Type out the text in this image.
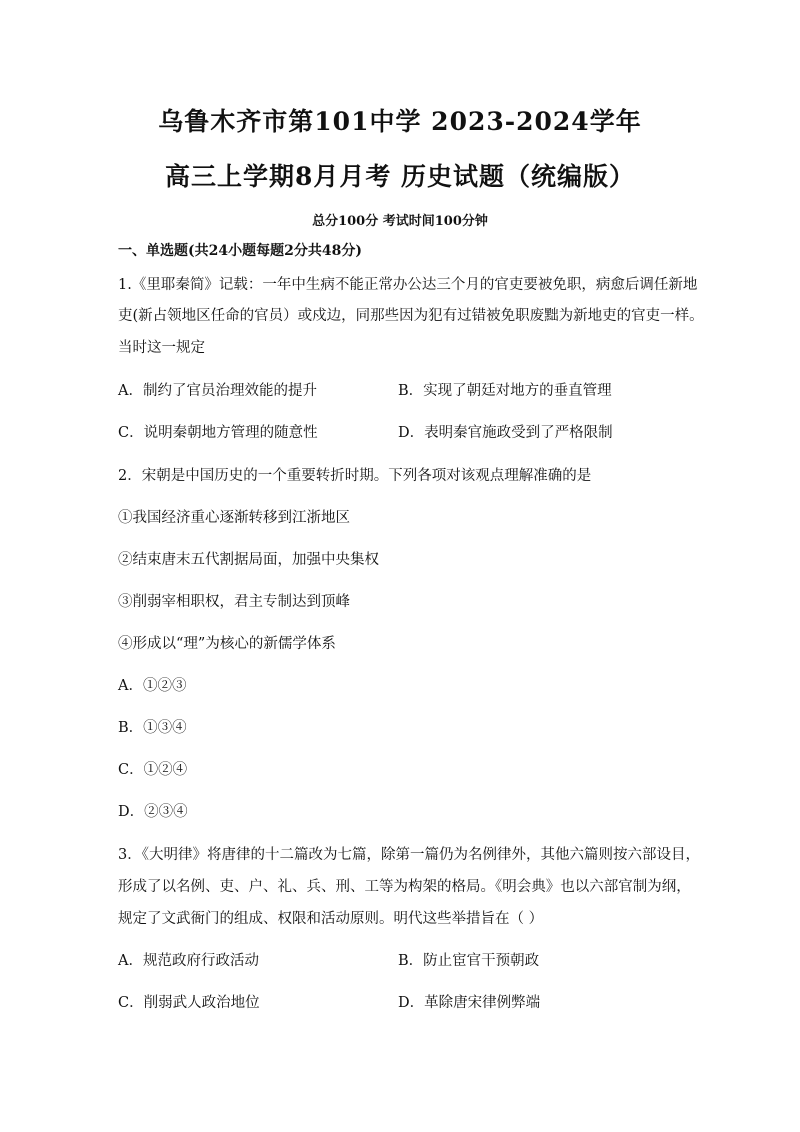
乌鲁木齐市第101中学 2023-2024学年
高三上学期8月月考 历史试题（统编版）
总分100分 考试时间100分钟
一、单选题(共24小题每题2分共48分)
1.《里耶秦简》记载：一年中生病不能正常办公达三个月的官吏要被免职，病愈后调任新地
吏(新占领地区任命的官员）或戍边，同那些因为犯有过错被免职废黜为新地吏的官吏一样。
当时这一规定
A．制约了官员治理效能的提升	B．实现了朝廷对地方的垂直管理
C．说明秦朝地方管理的随意性	D．表明秦官施政受到了严格限制
2．宋朝是中国历史的一个重要转折时期。下列各项对该观点理解准确的是
①我国经济重心逐渐转移到江浙地区
②结束唐末五代割据局面，加强中央集权
③削弱宰相职权，君主专制达到顶峰
④形成以“理”为核心的新儒学体系
A．①②③
B．①③④
C．①②④
D．②③④
3．《大明律》将唐律的十二篇改为七篇，除第一篇仍为名例律外，其他六篇则按六部设目，
形成了以名例、吏、户、礼、兵、刑、工等为构架的格局。《明会典》也以六部官制为纲，
规定了文武衙门的组成、权限和活动原则。明代这些举措旨在（ ）
A．规范政府行政活动	B．防止宦官干预朝政
C．削弱武人政治地位	D．革除唐宋律例弊端
